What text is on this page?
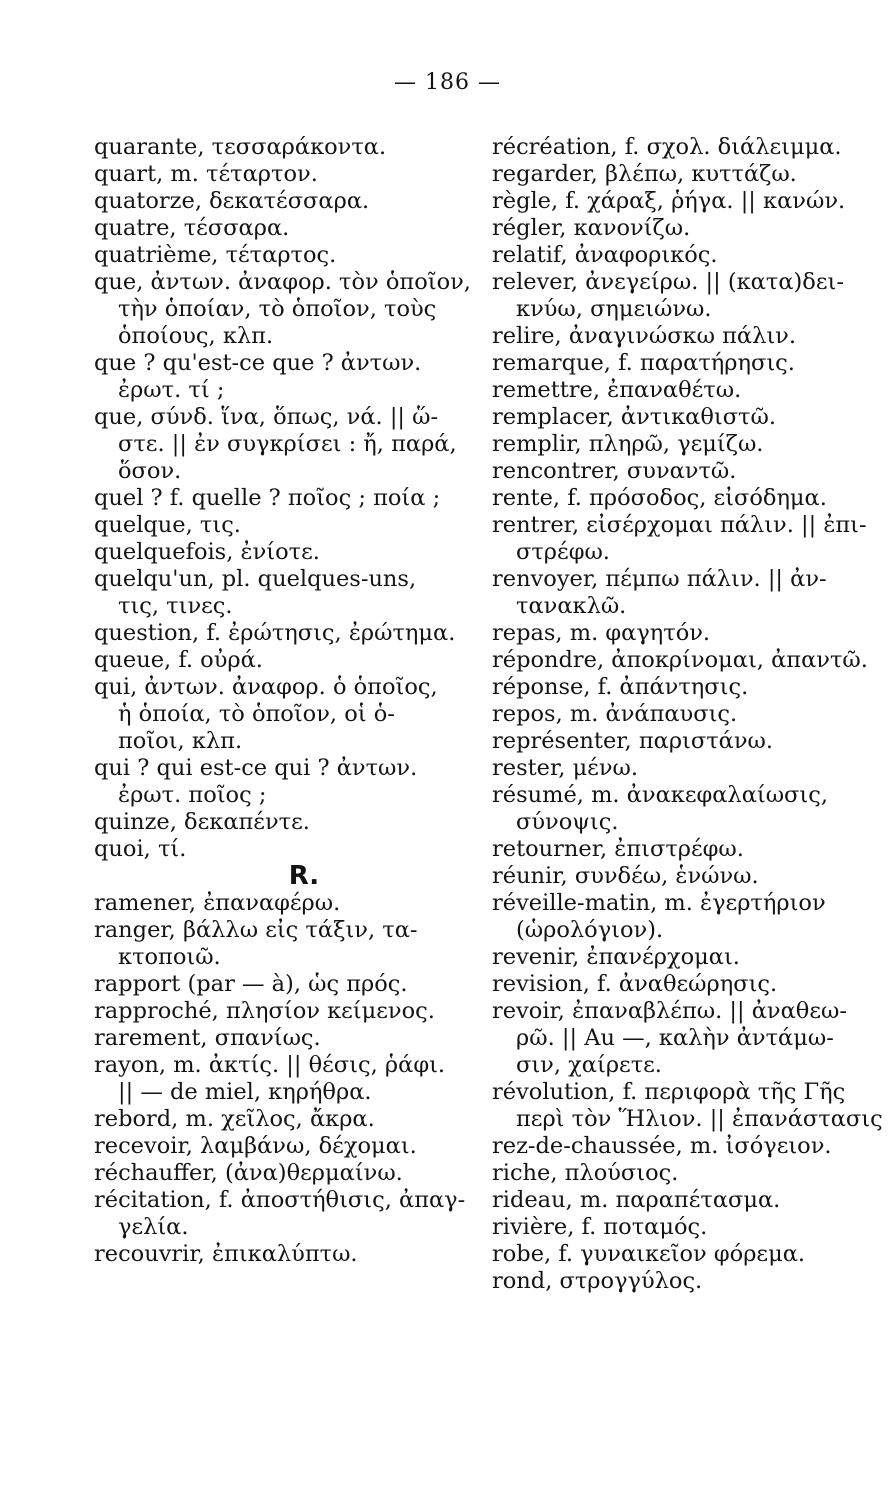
— 186 —
quarante, τεσσαράκοντα.
quart, m. τέταρτον.
quatorze, δεκατέσσαρα.
quatre, τέσσαρα.
quatrième, τέταρτος.
que, ἀντων. ἀναφορ. τὸν ὁποῖον,
τὴν ὁποίαν, τὸ ὁποῖον, τοὺς
ὁποίους, κλπ.
que ? qu'est-ce que ? ἀντων.
ἐρωτ. τί ;
que, σύνδ. ἵνα, ὅπως, νά. || ὥ-
στε. || ἐν συγκρίσει : ἤ, παρά,
ὅσον.
quel ? f. quelle ? ποῖος ; ποία ;
quelque, τις.
quelquefois, ἐνίοτε.
quelqu'un, pl. quelques-uns,
τις, τινες.
question, f. ἐρώτησις, ἐρώτημα.
queue, f. οὐρά.
qui, ἀντων. ἀναφορ. ὁ ὁποῖος,
ἡ ὁποία, τὸ ὁποῖον, οἱ ὁ-
ποῖοι, κλπ.
qui ? qui est-ce qui ? ἀντων.
ἐρωτ. ποῖος ;
quinze, δεκαπέντε.
quoi, τί.
R.
ramener, ἐπαναφέρω.
ranger, βάλλω εἰς τάξιν, τα-
κτοποιῶ.
rapport (par — à), ὡς πρός.
rapproché, πλησίον κείμενος.
rarement, σπανίως.
rayon, m. ἀκτίς. || θέσις, ῥάφι.
|| — de miel, κηρήθρα.
rebord, m. χεῖλος, ἄκρα.
recevoir, λαμβάνω, δέχομαι.
réchauffer, (ἀνα)θερμαίνω.
récitation, f. ἀποστήθισις, ἀπαγ-
γελία.
recouvrir, ἐπικαλύπτω.
récréation, f. σχολ. διάλειμμα.
regarder, βλέπω, κυττάζω.
règle, f. χάραξ, ῥήγα. || κανών.
régler, κανονίζω.
relatif, ἀναφορικός.
relever, ἀνεγείρω. || (κατα)δει-
κνύω, σημειώνω.
relire, ἀναγινώσκω πάλιν.
remarque, f. παρατήρησις.
remettre, ἐπαναθέτω.
remplacer, ἀντικαθιστῶ.
remplir, πληρῶ, γεμίζω.
rencontrer, συναντῶ.
rente, f. πρόσοδος, εἰσόδημα.
rentrer, εἰσέρχομαι πάλιν. || ἐπι-
στρέφω.
renvoyer, πέμπω πάλιν. || ἀν-
τανακλῶ.
repas, m. φαγητόν.
répondre, ἀποκρίνομαι, ἀπαντῶ.
réponse, f. ἀπάντησις.
repos, m. ἀνάπαυσις.
représenter, παριστάνω.
rester, μένω.
résumé, m. ἀνακεφαλαίωσις,
σύνοψις.
retourner, ἐπιστρέφω.
réunir, συνδέω, ἑνώνω.
réveille-matin, m. ἐγερτήριον
(ὡρολόγιον).
revenir, ἐπανέρχομαι.
revision, f. ἀναθεώρησις.
revoir, ἐπαναβλέπω. || ἀναθεω-
ρῶ. || Au —, καλὴν ἀντάμω-
σιν, χαίρετε.
révolution, f. περιφορὰ τῆς Γῆς
περὶ τὸν Ἥλιον. || ἐπανάστασις
rez-de-chaussée, m. ἰσόγειον.
riche, πλούσιος.
rideau, m. παραπέτασμα.
rivière, f. ποταμός.
robe, f. γυναικεῖον φόρεμα.
rond, στρογγύλος.
